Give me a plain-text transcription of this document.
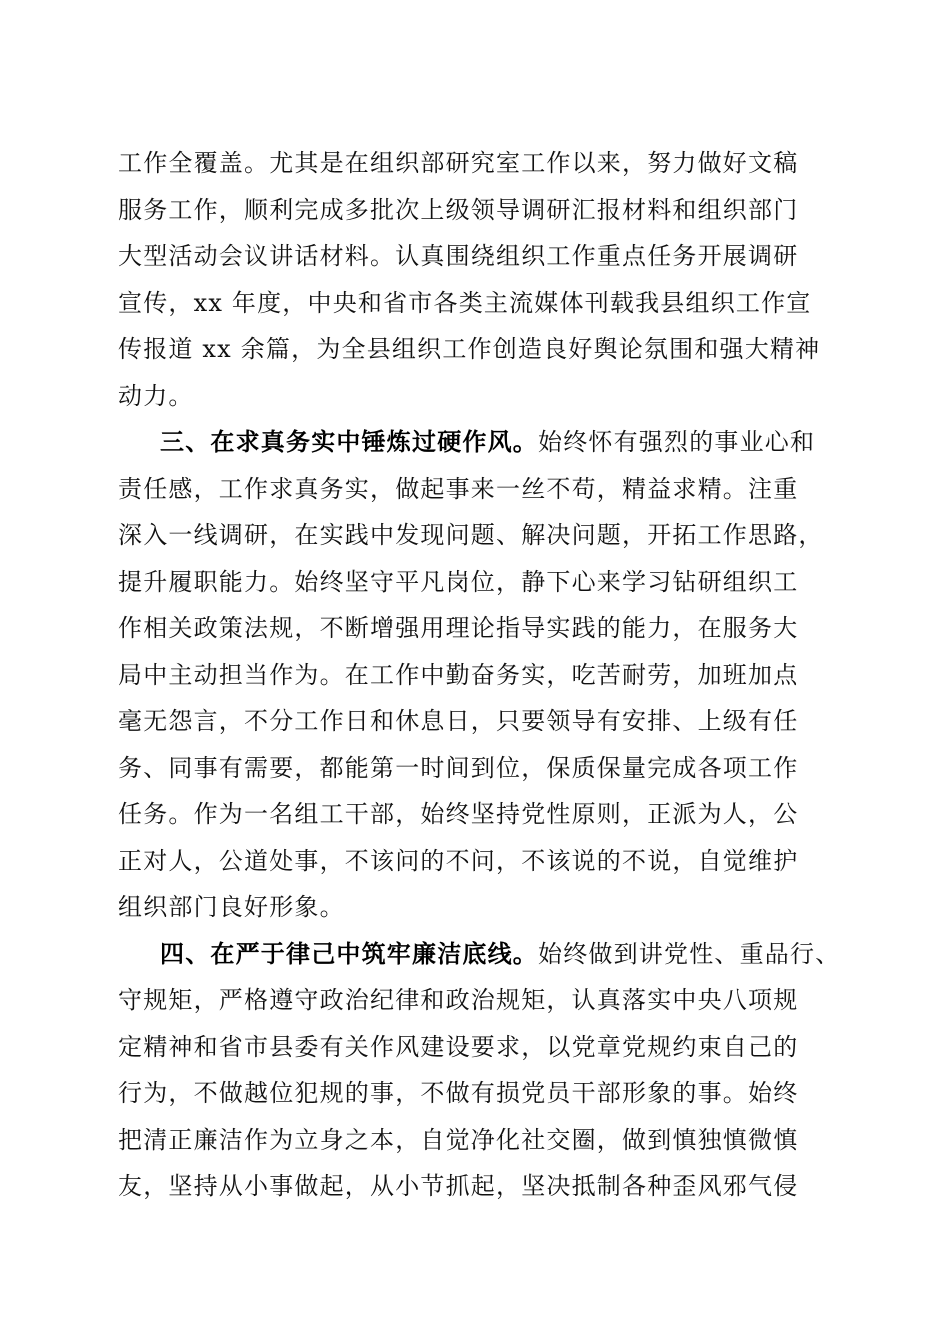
工作全覆盖。尤其是在组织部研究室工作以来，努力做好文稿
服务工作，顺利完成多批次上级领导调研汇报材料和组织部门
大型活动会议讲话材料。认真围绕组织工作重点任务开展调研
宣传，xx 年度，中央和省市各类主流媒体刊载我县组织工作宣
传报道 xx 余篇，为全县组织工作创造良好舆论氛围和强大精神
动力。
三、在求真务实中锤炼过硬作风。始终怀有强烈的事业心和
责任感，工作求真务实，做起事来一丝不苟，精益求精。注重
深入一线调研，在实践中发现问题、解决问题，开拓工作思路，
提升履职能力。始终坚守平凡岗位，静下心来学习钻研组织工
作相关政策法规，不断增强用理论指导实践的能力，在服务大
局中主动担当作为。在工作中勤奋务实，吃苦耐劳，加班加点
毫无怨言，不分工作日和休息日，只要领导有安排、上级有任
务、同事有需要，都能第一时间到位，保质保量完成各项工作
任务。作为一名组工干部，始终坚持党性原则，正派为人，公
正对人，公道处事，不该问的不问，不该说的不说，自觉维护
组织部门良好形象。
四、在严于律己中筑牢廉洁底线。始终做到讲党性、重品行、
守规矩，严格遵守政治纪律和政治规矩，认真落实中央八项规
定精神和省市县委有关作风建设要求，以党章党规约束自己的
行为，不做越位犯规的事，不做有损党员干部形象的事。始终
把清正廉洁作为立身之本，自觉净化社交圈，做到慎独慎微慎
友，坚持从小事做起，从小节抓起，坚决抵制各种歪风邪气侵
